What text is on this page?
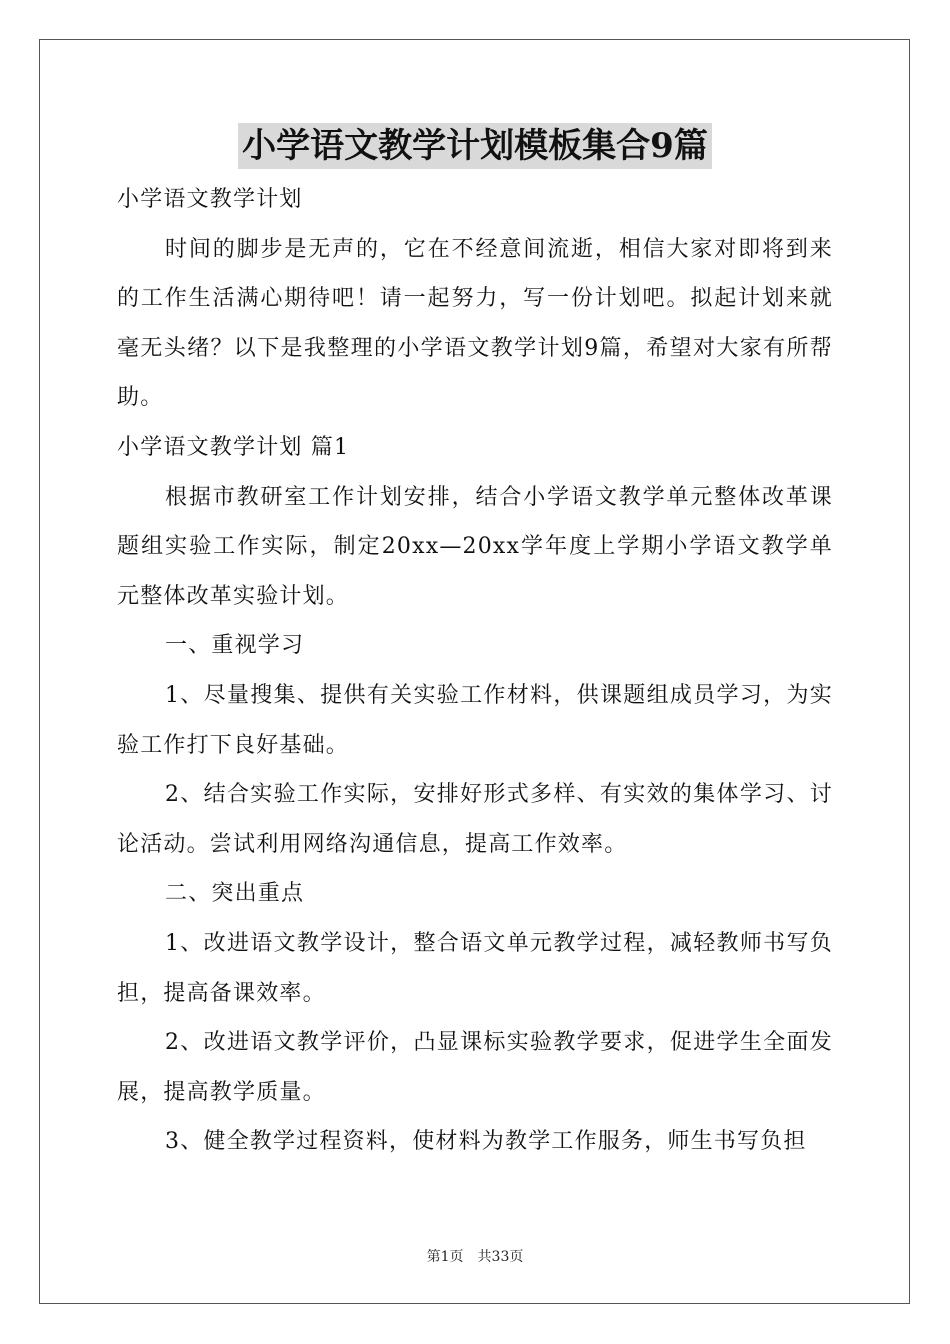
小学语文教学计划模板集合9篇

小学语文教学计划

时间的脚步是无声的，它在不经意间流逝，相信大家对即将到来的工作生活满心期待吧！请一起努力，写一份计划吧。拟起计划来就毫无头绪？以下是我整理的小学语文教学计划9篇，希望对大家有所帮助。

小学语文教学计划 篇1

根据市教研室工作计划安排，结合小学语文教学单元整体改革课题组实验工作实际，制定20xx—20xx学年度上学期小学语文教学单元整体改革实验计划。

一、重视学习

1、尽量搜集、提供有关实验工作材料，供课题组成员学习，为实验工作打下良好基础。

2、结合实验工作实际，安排好形式多样、有实效的集体学习、讨论活动。尝试利用网络沟通信息，提高工作效率。

二、突出重点

1、改进语文教学设计，整合语文单元教学过程，减轻教师书写负担，提高备课效率。

2、改进语文教学评价，凸显课标实验教学要求，促进学生全面发展，提高教学质量。

3、健全教学过程资料，使材料为教学工作服务，师生书写负担

第1页 共33页
